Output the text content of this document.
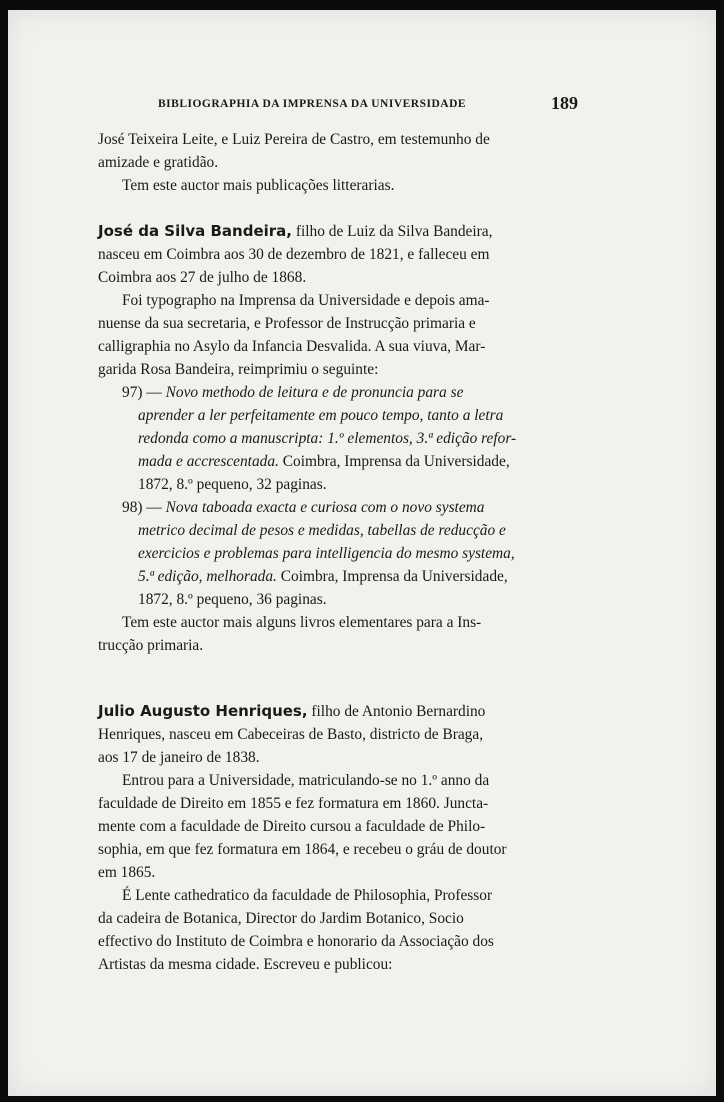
BIBLIOGRAPHIA DA IMPRENSA DA UNIVERSIDADE	189
José Teixeira Leite, e Luiz Pereira de Castro, em testemunho de
amizade e gratidão.
Tem este auctor mais publicações litterarias.
José da Silva Bandeira, filho de Luiz da Silva Bandeira,
nasceu em Coimbra aos 30 de dezembro de 1821, e falleceu em
Coimbra aos 27 de julho de 1868.
Foi typographo na Imprensa da Universidade e depois ama-
nuense da sua secretaria, e Professor de Instrucção primaria e
calligraphia no Asylo da Infancia Desvalida. A sua viuva, Mar-
garida Rosa Bandeira, reimprimiu o seguinte:
97) — Novo methodo de leitura e de pronuncia para se
aprender a ler perfeitamente em pouco tempo, tanto a letra
redonda como a manuscripta: 1.º elementos, 3.ª edição refor-
mada e accrescentada. Coimbra, Imprensa da Universidade,
1872, 8.º pequeno, 32 paginas.
98) — Nova taboada exacta e curiosa com o novo systema
metrico decimal de pesos e medidas, tabellas de reducção e
exercicios e problemas para intelligencia do mesmo systema,
5.ª edição, melhorada. Coimbra, Imprensa da Universidade,
1872, 8.º pequeno, 36 paginas.
Tem este auctor mais alguns livros elementares para a Ins-
trucção primaria.
Julio Augusto Henriques, filho de Antonio Bernardino
Henriques, nasceu em Cabeceiras de Basto, districto de Braga,
aos 17 de janeiro de 1838.
Entrou para a Universidade, matriculando-se no 1.º anno da
faculdade de Direito em 1855 e fez formatura em 1860. Juncta-
mente com a faculdade de Direito cursou a faculdade de Philo-
sophia, em que fez formatura em 1864, e recebeu o gráu de doutor
em 1865.
É Lente cathedratico da faculdade de Philosophia, Professor
da cadeira de Botanica, Director do Jardim Botanico, Socio
effectivo do Instituto de Coimbra e honorario da Associação dos
Artistas da mesma cidade. Escreveu e publicou:
